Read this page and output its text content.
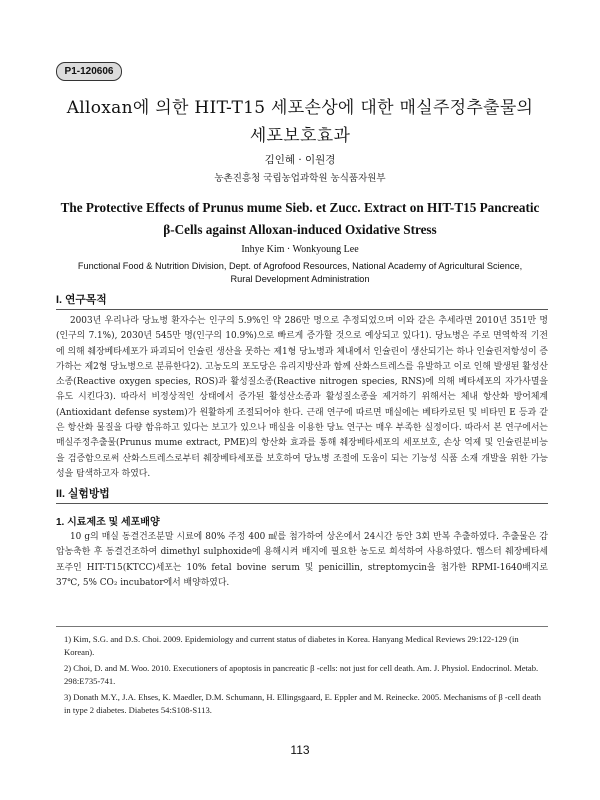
P1-120606
Alloxan에 의한 HIT-T15 세포손상에 대한 매실주정추출물의
세포보호효과
김인혜 · 이원경
농촌진흥청 국립농업과학원 농식품자원부
The Protective Effects of Prunus mume Sieb. et Zucc. Extract on HIT-T15 Pancreatic
β-Cells against Alloxan-induced Oxidative Stress
Inhye Kim · Wonkyoung Lee
Functional Food & Nutrition Division, Dept. of Agrofood Resources, National Academy of Agricultural Science,
Rural Development Administration
I. 연구목적
2003년 우리나라 당뇨병 환자수는 인구의 5.9%인 약 286만 명으로 추정되었으며 이와 같은 추세라면 2010년 351만 명(인구의 7.1%), 2030년 545만 명(인구의 10.9%)으로 빠르게 증가할 것으로 예상되고 있다1). 당뇨병은 주로 면역학적 기전에 의해 췌장베타세포가 파괴되어 인슐린 생산을 못하는 제1형 당뇨병과 체내에서 인슐린이 생산되기는 하나 인슐린저항성이 증가하는 제2형 당뇨병으로 분류한다2). 고농도의 포도당은 유리지방산과 함께 산화스트레스를 유발하고 이로 인해 발생된 활성산소종(Reactive oxygen species, ROS)과 활성질소종(Reactive nitrogen species, RNS)에 의해 베타세포의 자가사멸을 유도 시킨다3). 따라서 비정상적인 상태에서 증가된 활성산소종과 활성질소종을 제거하기 위해서는 체내 항산화 방어체계(Antioxidant defense system)가 원활하게 조절되어야 한다. 근래 연구에 따르면 매실에는 베타카로틴 및 비타민 E 등과 같은 항산화 물질을 다량 함유하고 있다는 보고가 있으나 매실을 이용한 당뇨 연구는 매우 부족한 실정이다. 따라서 본 연구에서는 매실주정추출물(Prunus mume extract, PME)의 항산화 효과를 통해 췌장베타세포의 세포보호, 손상 억제 및 인슐린분비능을 검증함으로써 산화스트레스로부터 췌장베타세포를 보호하여 당뇨병 조절에 도움이 되는 기능성 식품 소재 개발을 위한 가능성을 탐색하고자 하였다.
II. 실험방법
1. 시료제조 및 세포배양
10 g의 매실 동결건조분말 시료에 80% 주정 400 ㎖를 첨가하여 상온에서 24시간 동안 3회 반복 추출하였다. 추출물은 감압농축한 후 동결건조하여 dimethyl sulphoxide에 용해시켜 배지에 필요한 농도로 희석하여 사용하였다. 햄스터 췌장베타세포주인 HIT-T15(KTCC)세포는 10% fetal bovine serum 및 penicillin, streptomycin을 첨가한 RPMI-1640배지로 37℃, 5% CO₂ incubator에서 배양하였다.
1) Kim, S.G. and D.S. Choi. 2009. Epidemiology and current status of diabetes in Korea. Hanyang Medical Reviews 29:122-129 (in Korean).
2) Choi, D. and M. Woo. 2010. Executioners of apoptosis in pancreatic β -cells: not just for cell death. Am. J. Physiol. Endocrinol. Metab. 298:E735-741.
3) Donath M.Y., J.A. Ehses, K. Maedler, D.M. Schumann, H. Ellingsgaard, E. Eppler and M. Reinecke. 2005. Mechanisms of β -cell death in type 2 diabetes. Diabetes 54:S108-S113.
113
